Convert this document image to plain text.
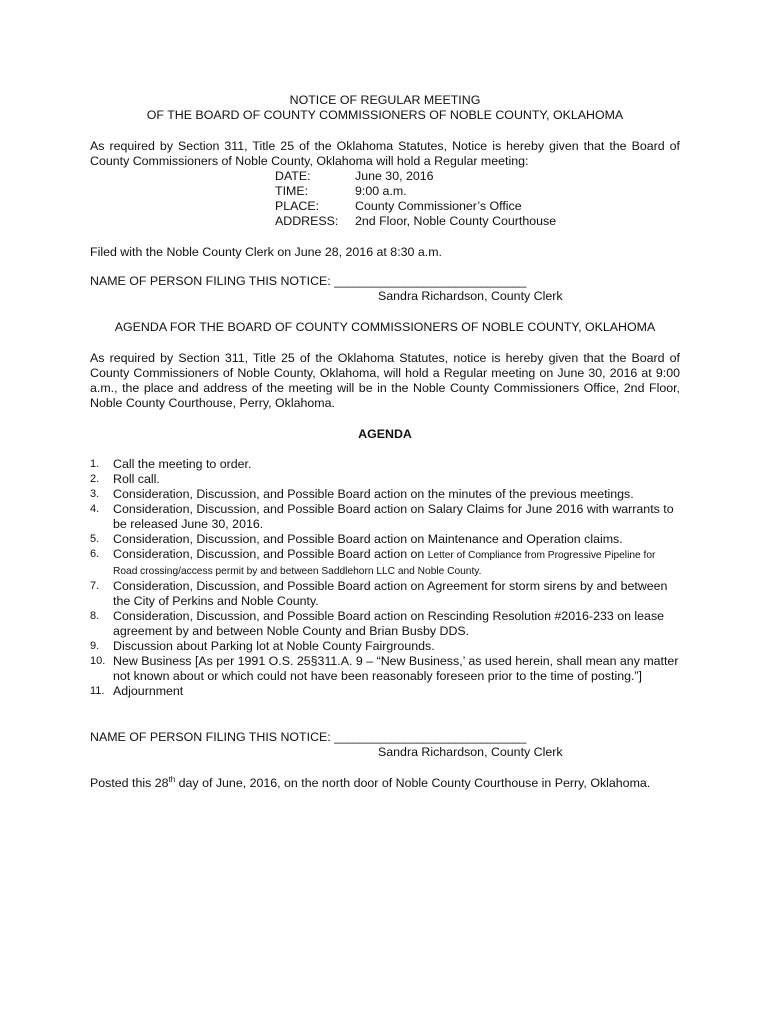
NOTICE OF REGULAR MEETING

OF THE BOARD OF COUNTY COMMISSIONERS OF NOBLE COUNTY, OKLAHOMA

As required by Section 311, Title 25 of the Oklahoma Statutes, Notice is hereby given that the Board of County Commissioners of Noble County, Oklahoma will hold a Regular meeting:

DATE:	June 30, 2016
TIME:	9:00 a.m.
PLACE:	County Commissioner’s Office
ADDRESS:	2nd Floor, Noble County Courthouse

Filed with the Noble County Clerk on June 28, 2016 at 8:30 a.m.

NAME OF PERSON FILING THIS NOTICE: ______________________________

Sandra Richardson, County Clerk

AGENDA FOR THE BOARD OF COUNTY COMMISSIONERS OF NOBLE COUNTY, OKLAHOMA

As required by Section 311, Title 25 of the Oklahoma Statutes, notice is hereby given that the Board of County Commissioners of Noble County, Oklahoma, will hold a Regular meeting on June 30, 2016 at 9:00 a.m., the place and address of the meeting will be in the Noble County Commissioners Office, 2nd Floor, Noble County Courthouse, Perry, Oklahoma.

AGENDA

1.	Call the meeting to order.
2.	Roll call.
3.	Consideration, Discussion, and Possible Board action on the minutes of the previous meetings.
4.	Consideration, Discussion, and Possible Board action on Salary Claims for June 2016 with warrants to be released June 30, 2016.
5.	Consideration, Discussion, and Possible Board action on Maintenance and Operation claims.
6.	Consideration, Discussion, and Possible Board action on Letter of Compliance from Progressive Pipeline for Road crossing/access permit by and between Saddlehorn LLC and Noble County.
7.	Consideration, Discussion, and Possible Board action on Agreement for storm sirens by and between the City of Perkins and Noble County.
8.	Consideration, Discussion, and Possible Board action on Rescinding Resolution #2016-233 on lease agreement by and between Noble County and Brian Busby DDS.
9.	Discussion about Parking lot at Noble County Fairgrounds.
10. New Business [As per 1991 O.S. 25§311.A. 9 – “New Business,’ as used herein, shall mean any matter not known about or which could not have been reasonably foreseen prior to the time of posting.”]
11. Adjournment

NAME OF PERSON FILING THIS NOTICE: ______________________________

Sandra Richardson, County Clerk

Posted this 28th day of June, 2016, on the north door of Noble County Courthouse in Perry, Oklahoma.
